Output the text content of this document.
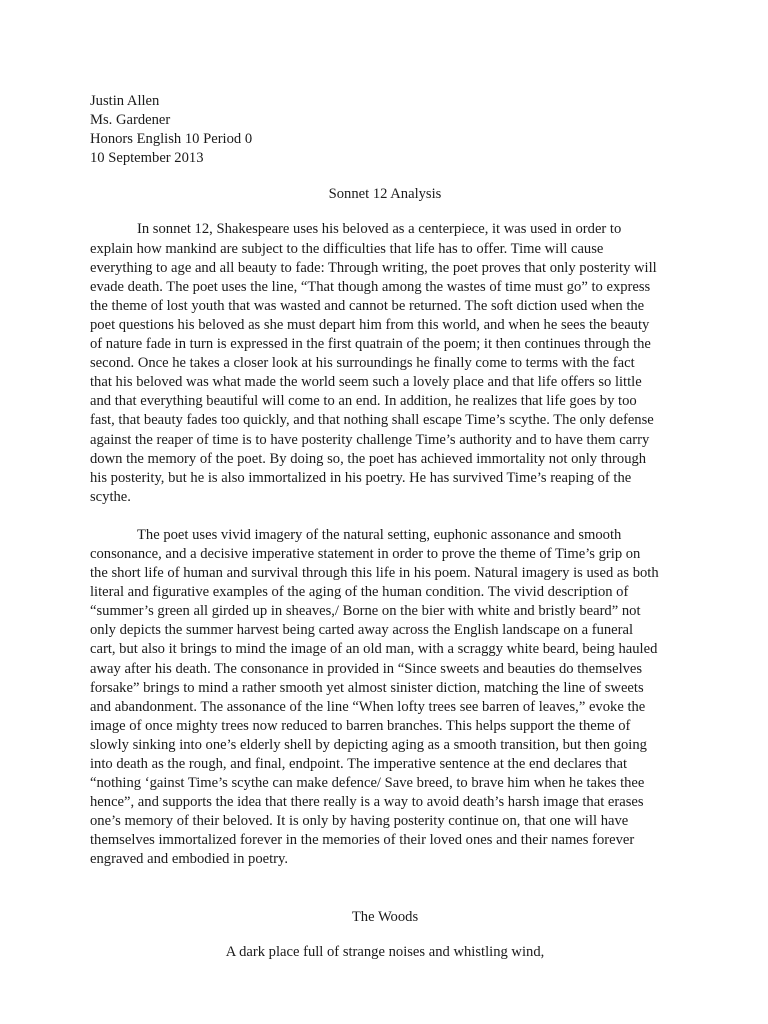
Justin Allen
Ms. Gardener
Honors English 10 Period 0
10 September 2013
Sonnet 12 Analysis
In sonnet 12, Shakespeare uses his beloved as a centerpiece, it was used in order to
explain how mankind are subject to the difficulties that life has to offer. Time will cause
everything to age and all beauty to fade: Through writing, the poet proves that only posterity will
evade death. The poet uses the line, “That though among the wastes of time must go” to express
the theme of lost youth that was wasted and cannot be returned. The soft diction used when the
poet questions his beloved as she must depart him from this world, and when he sees the beauty
of nature fade in turn is expressed in the first quatrain of the poem; it then continues through the
second. Once he takes a closer look at his surroundings he finally come to terms with the fact
that his beloved was what made the world seem such a lovely place and that life offers so little
and that everything beautiful will come to an end. In addition, he realizes that life goes by too
fast, that beauty fades too quickly, and that nothing shall escape Time’s scythe. The only defense
against the reaper of time is to have posterity challenge Time’s authority and to have them carry
down the memory of the poet. By doing so, the poet has achieved immortality not only through
his posterity, but he is also immortalized in his poetry. He has survived Time’s reaping of the
scythe.
The poet uses vivid imagery of the natural setting, euphonic assonance and smooth
consonance, and a decisive imperative statement in order to prove the theme of Time’s grip on
the short life of human and survival through this life in his poem. Natural imagery is used as both
literal and figurative examples of the aging of the human condition. The vivid description of
“summer’s green all girded up in sheaves,/ Borne on the bier with white and bristly beard” not
only depicts the summer harvest being carted away across the English landscape on a funeral
cart, but also it brings to mind the image of an old man, with a scraggy white beard, being hauled
away after his death. The consonance in provided in “Since sweets and beauties do themselves
forsake” brings to mind a rather smooth yet almost sinister diction, matching the line of sweets
and abandonment. The assonance of the line “When lofty trees see barren of leaves,” evoke the
image of once mighty trees now reduced to barren branches. This helps support the theme of
slowly sinking into one’s elderly shell by depicting aging as a smooth transition, but then going
into death as the rough, and final, endpoint. The imperative sentence at the end declares that
“nothing ‘gainst Time’s scythe can make defence/ Save breed, to brave him when he takes thee
hence”, and supports the idea that there really is a way to avoid death’s harsh image that erases
one’s memory of their beloved. It is only by having posterity continue on, that one will have
themselves immortalized forever in the memories of their loved ones and their names forever
engraved and embodied in poetry.
The Woods
A dark place full of strange noises and whistling wind,
